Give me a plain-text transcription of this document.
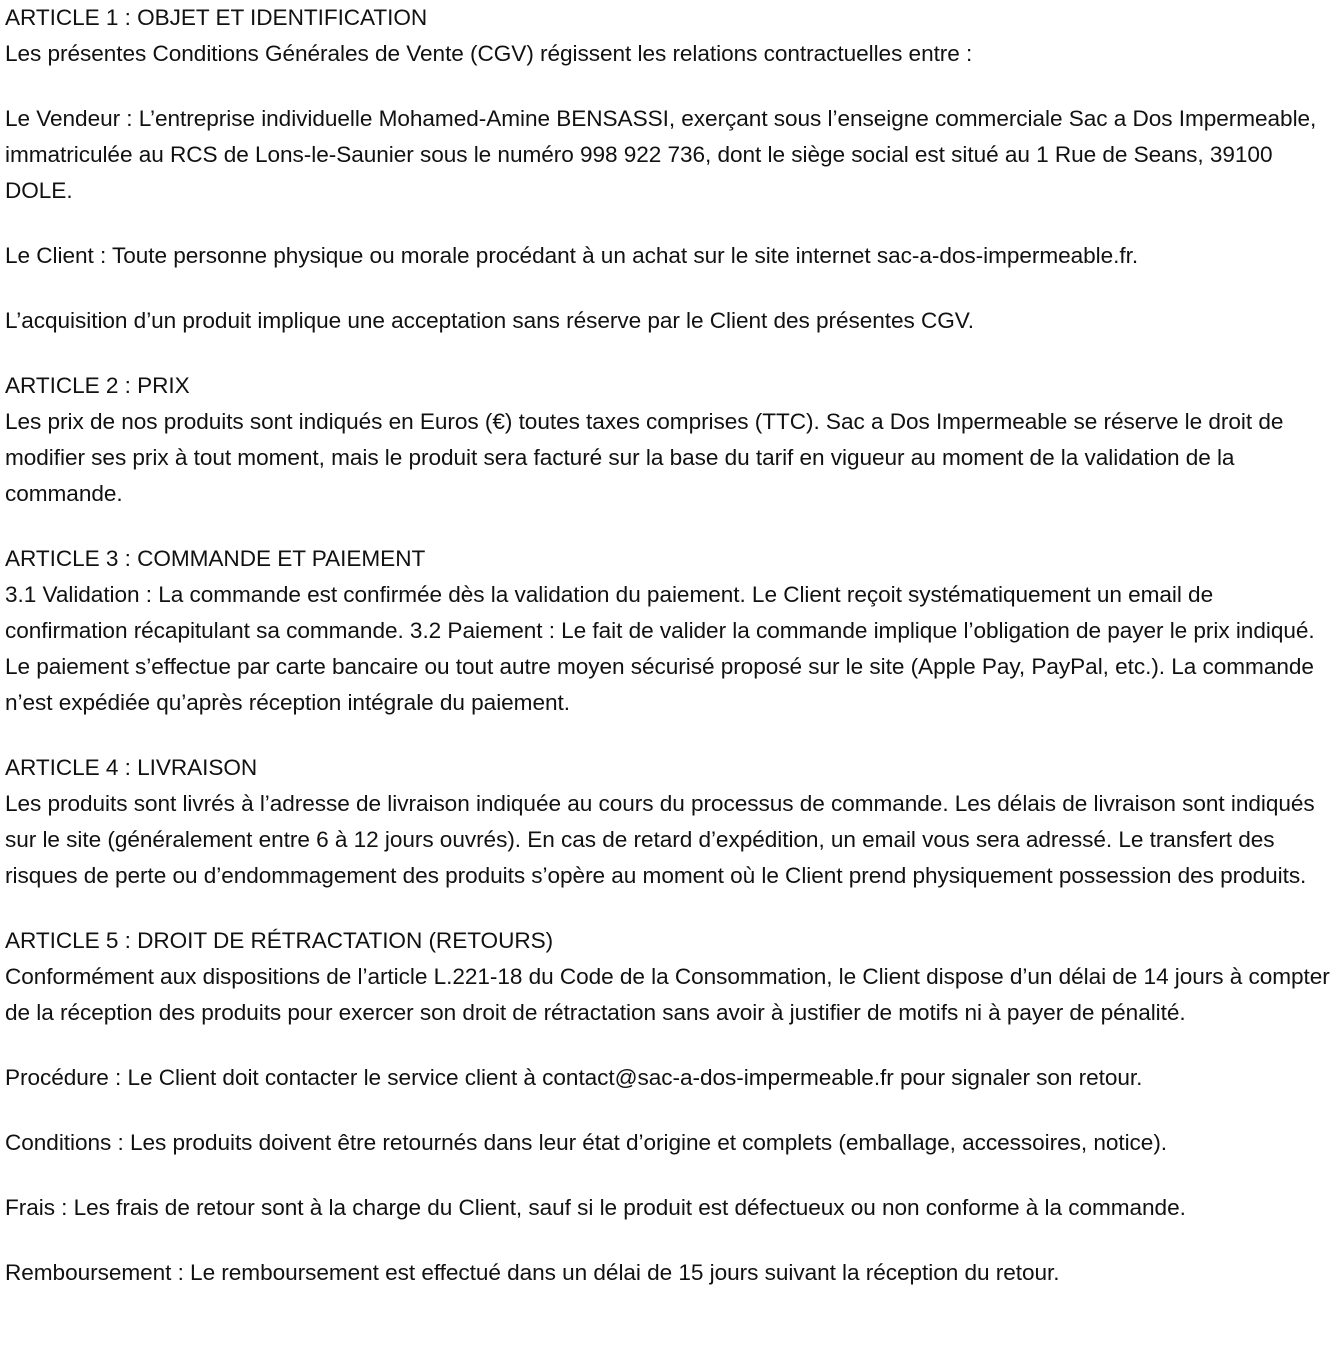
ARTICLE 1 : OBJET ET IDENTIFICATION
Les présentes Conditions Générales de Vente (CGV) régissent les relations contractuelles entre :
Le Vendeur : L’entreprise individuelle Mohamed-Amine BENSASSI, exerçant sous l’enseigne commerciale Sac a Dos Impermeable, immatriculée au RCS de Lons-le-Saunier sous le numéro 998 922 736, dont le siège social est situé au 1 Rue de Seans, 39100 DOLE.
Le Client : Toute personne physique ou morale procédant à un achat sur le site internet sac-a-dos-impermeable.fr.
L’acquisition d’un produit implique une acceptation sans réserve par le Client des présentes CGV.
ARTICLE 2 : PRIX
Les prix de nos produits sont indiqués en Euros (€) toutes taxes comprises (TTC). Sac a Dos Impermeable se réserve le droit de modifier ses prix à tout moment, mais le produit sera facturé sur la base du tarif en vigueur au moment de la validation de la commande.
ARTICLE 3 : COMMANDE ET PAIEMENT
3.1 Validation : La commande est confirmée dès la validation du paiement. Le Client reçoit systématiquement un email de confirmation récapitulant sa commande. 3.2 Paiement : Le fait de valider la commande implique l’obligation de payer le prix indiqué. Le paiement s’effectue par carte bancaire ou tout autre moyen sécurisé proposé sur le site (Apple Pay, PayPal, etc.). La commande n’est expédiée qu’après réception intégrale du paiement.
ARTICLE 4 : LIVRAISON
Les produits sont livrés à l’adresse de livraison indiquée au cours du processus de commande. Les délais de livraison sont indiqués sur le site (généralement entre 6 à 12 jours ouvrés). En cas de retard d’expédition, un email vous sera adressé. Le transfert des risques de perte ou d’endommagement des produits s’opère au moment où le Client prend physiquement possession des produits.
ARTICLE 5 : DROIT DE RÉTRACTATION (RETOURS)
Conformément aux dispositions de l’article L.221-18 du Code de la Consommation, le Client dispose d’un délai de 14 jours à compter de la réception des produits pour exercer son droit de rétractation sans avoir à justifier de motifs ni à payer de pénalité.
Procédure : Le Client doit contacter le service client à contact@sac-a-dos-impermeable.fr pour signaler son retour.
Conditions : Les produits doivent être retournés dans leur état d’origine et complets (emballage, accessoires, notice).
Frais : Les frais de retour sont à la charge du Client, sauf si le produit est défectueux ou non conforme à la commande.
Remboursement : Le remboursement est effectué dans un délai de 15 jours suivant la réception du retour.
